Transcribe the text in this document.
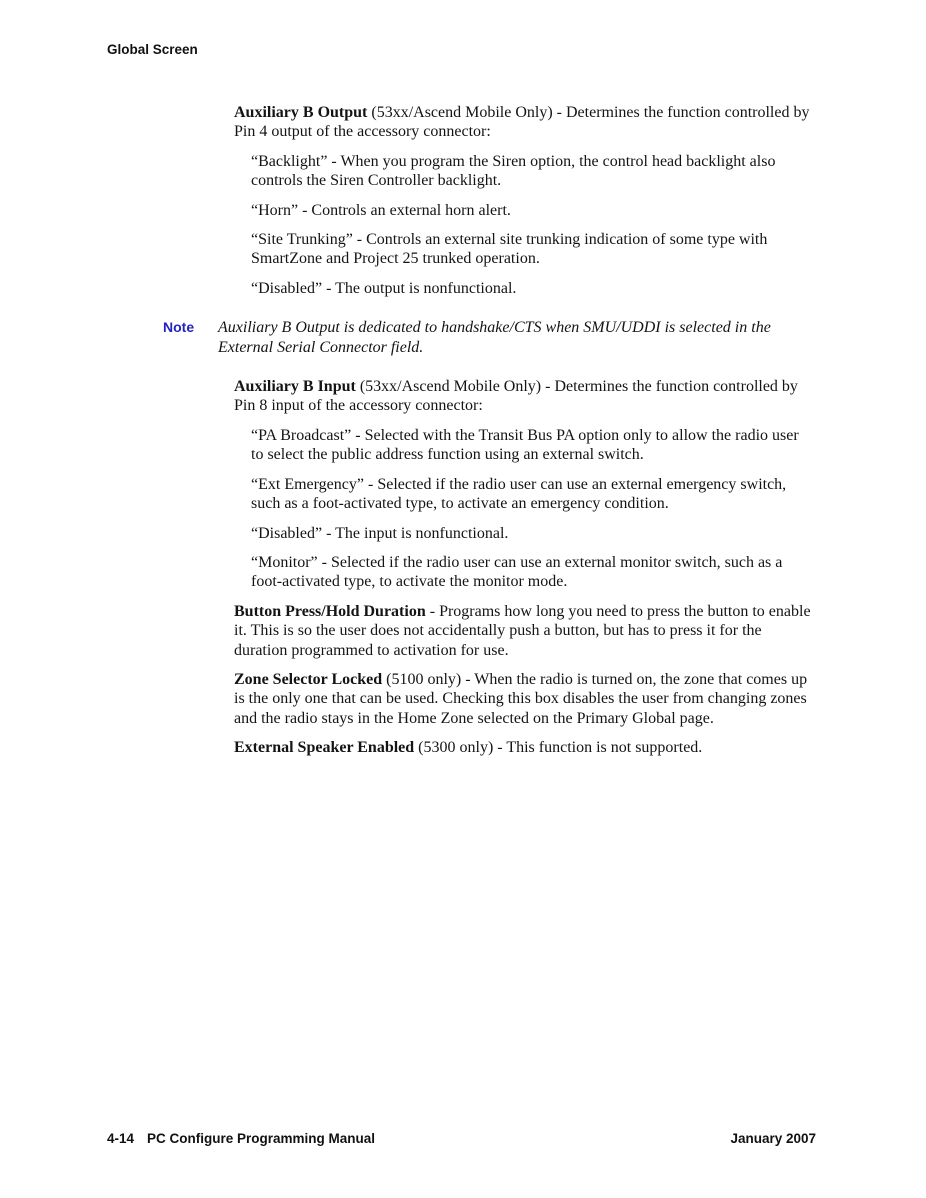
Global Screen

Auxiliary B Output (53xx/Ascend Mobile Only) - Determines the function controlled by Pin 4 output of the accessory connector:

“Backlight” - When you program the Siren option, the control head backlight also controls the Siren Controller backlight.

“Horn” - Controls an external horn alert.

“Site Trunking” - Controls an external site trunking indication of some type with SmartZone and Project 25 trunked operation.

“Disabled” - The output is nonfunctional.

Note	Auxiliary B Output is dedicated to handshake/CTS when SMU/UDDI is selected in the External Serial Connector field.

Auxiliary B Input (53xx/Ascend Mobile Only) - Determines the function controlled by Pin 8 input of the accessory connector:

“PA Broadcast” - Selected with the Transit Bus PA option only to allow the radio user to select the public address function using an external switch.

“Ext Emergency” - Selected if the radio user can use an external emergency switch, such as a foot-activated type, to activate an emergency condition.

“Disabled” - The input is nonfunctional.

“Monitor” - Selected if the radio user can use an external monitor switch, such as a foot-activated type, to activate the monitor mode.

Button Press/Hold Duration - Programs how long you need to press the button to enable it. This is so the user does not accidentally push a button, but has to press it for the duration programmed to activation for use.

Zone Selector Locked (5100 only) - When the radio is turned on, the zone that comes up is the only one that can be used. Checking this box disables the user from changing zones and the radio stays in the Home Zone selected on the Primary Global page.

External Speaker Enabled (5300 only) - This function is not supported.

4-14 PC Configure Programming Manual	January 2007
